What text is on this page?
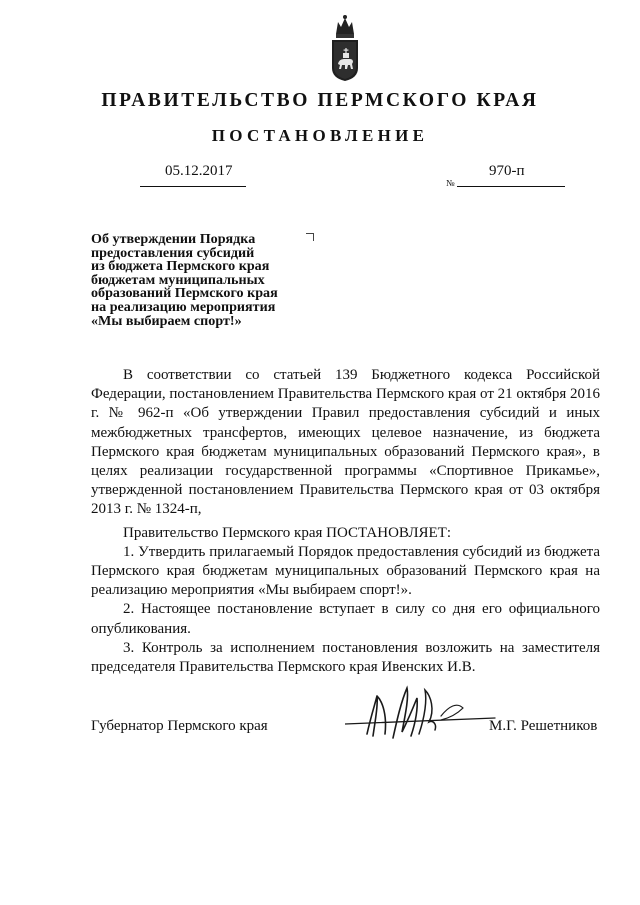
ПРАВИТЕЛЬСТВО ПЕРМСКОГО КРАЯ
ПОСТАНОВЛЕНИЕ
05.12.2017
№
970-п
Об утверждении Порядка
предоставления субсидий
из бюджета Пермского края
бюджетам муниципальных
образований Пермского края
на реализацию мероприятия
«Мы выбираем спорт!»

В соответствии со статьей 139 Бюджетного кодекса Российской Федерации, постановлением Правительства Пермского края от 21 октября 2016 г. № 962-п «Об утверждении Правил предоставления субсидий и иных межбюджетных трансфертов, имеющих целевое назначение, из бюджета Пермского края бюджетам муниципальных образований Пермского края», в целях реализации государственной программы «Спортивное Прикамье», утвержденной постановлением Правительства Пермского края от 03 октября 2013 г. № 1324-п,

Правительство Пермского края ПОСТАНОВЛЯЕТ:

1. Утвердить прилагаемый Порядок предоставления субсидий из бюджета Пермского края бюджетам муниципальных образований Пермского края на реализацию мероприятия «Мы выбираем спорт!».

2. Настоящее постановление вступает в силу со дня его официального опубликования.

3. Контроль за исполнением постановления возложить на заместителя председателя Правительства Пермского края Ивенских И.В.

Губернатор Пермского края	М.Г. Решетников
